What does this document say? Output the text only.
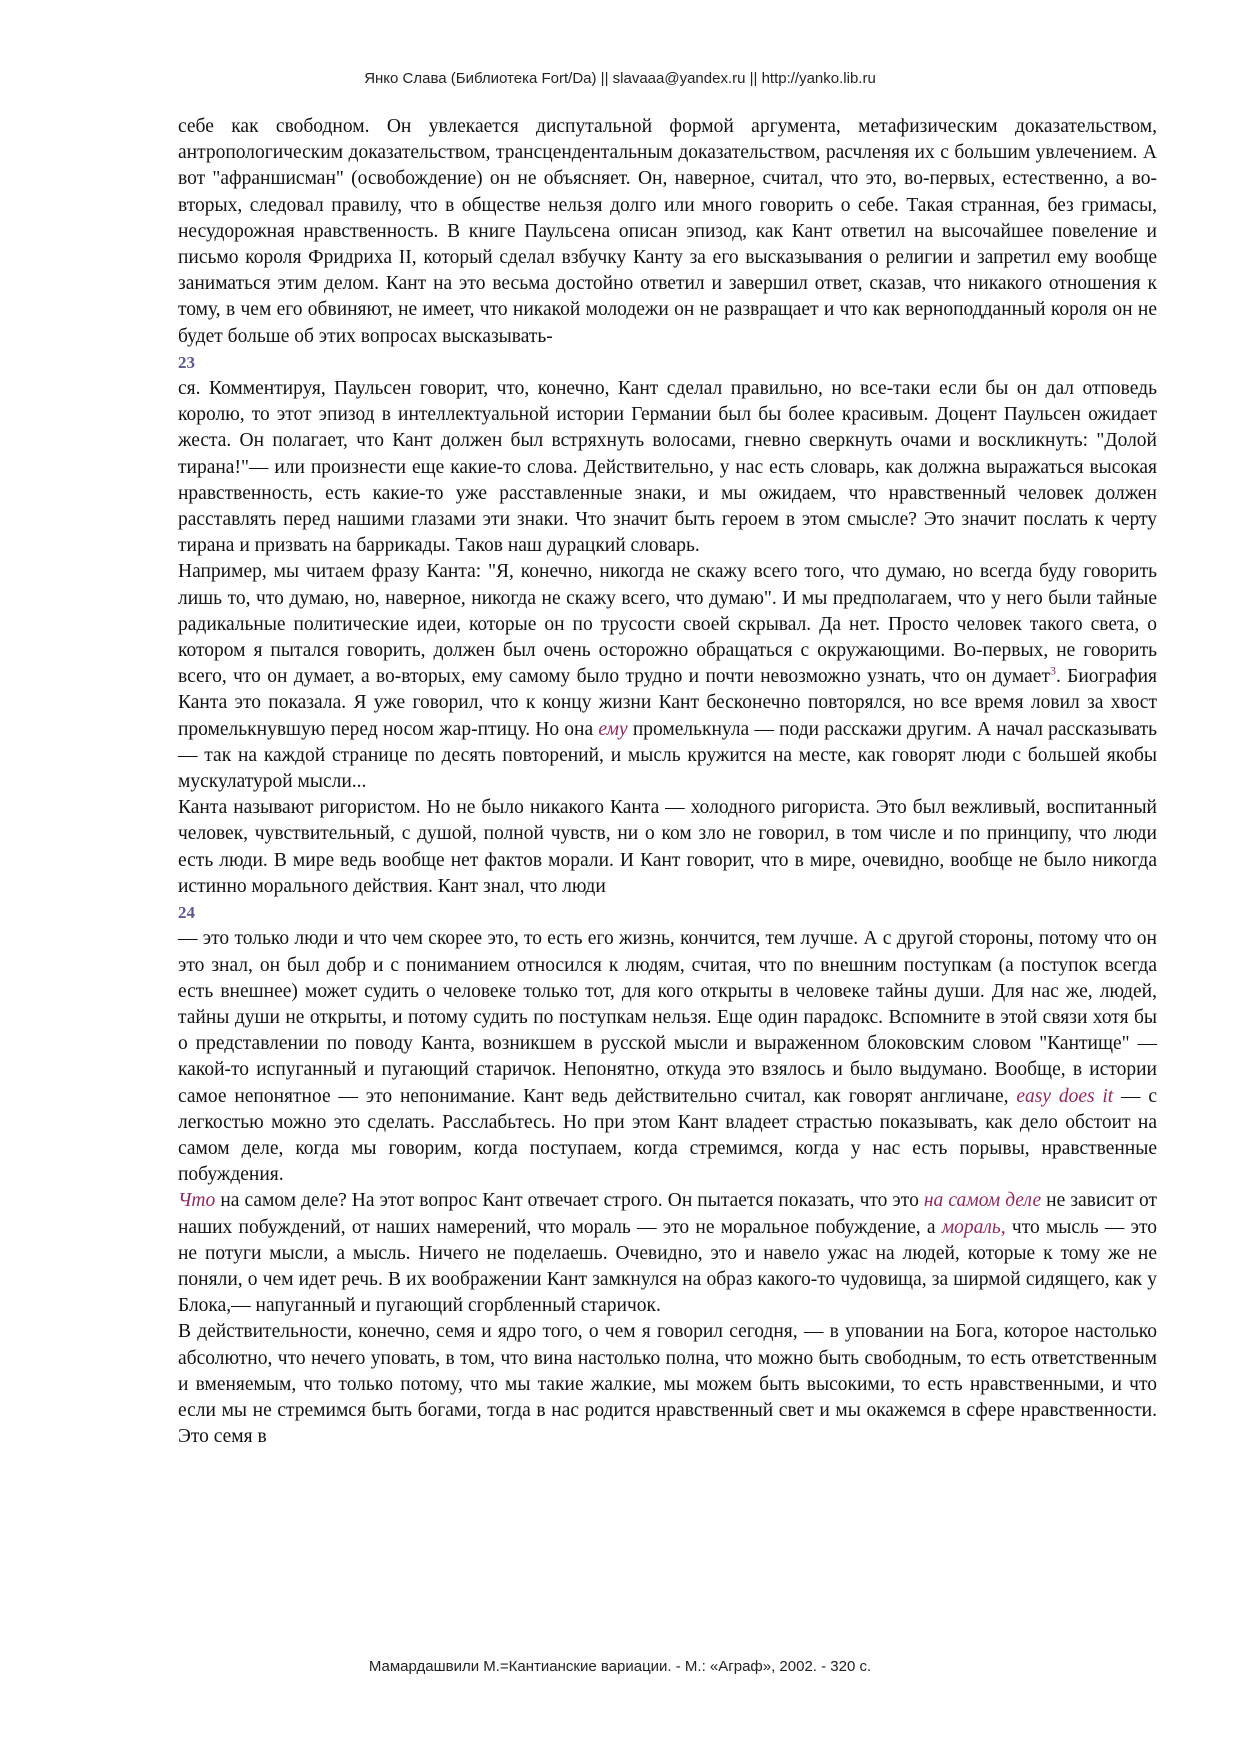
Янко Слава (Библиотека Fort/Da) || slavaaa@yandex.ru || http://yanko.lib.ru

себе как свободном. Он увлекается диспутальной формой аргумента, метафизическим доказательством, антропологическим доказательством, трансцендентальным доказательством, расчленяя их с большим увлечением. А вот "афраншисман" (освобождение) он не объясняет. Он, наверное, считал, что это, во-первых, естественно, а во-вторых, следовал правилу, что в обществе нельзя долго или много говорить о себе. Такая странная, без гримасы, несудорожная нравственность. В книге Паульсена описан эпизод, как Кант ответил на высочайшее повеление и письмо короля Фридриха II, который сделал взбучку Канту за его высказывания о религии и запретил ему вообще заниматься этим делом. Кант на это весьма достойно ответил и завершил ответ, сказав, что никакого отношения к тому, в чем его обвиняют, не имеет, что никакой молодежи он не развращает и что как верноподданный короля он не будет больше об этих вопросах высказывать-

23

ся. Комментируя, Паульсен говорит, что, конечно, Кант сделал правильно, но все-таки если бы он дал отповедь королю, то этот эпизод в интеллектуальной истории Германии был бы более красивым. Доцент Паульсен ожидает жеста. Он полагает, что Кант должен был встряхнуть волосами, гневно сверкнуть очами и воскликнуть: "Долой тирана!"— или произнести еще какие-то слова. Действительно, у нас есть словарь, как должна выражаться высокая нравственность, есть какие-то уже расставленные знаки, и мы ожидаем, что нравственный человек должен расставлять перед нашими глазами эти знаки. Что значит быть героем в этом смысле? Это значит послать к черту тирана и призвать на баррикады. Таков наш дурацкий словарь.

Например, мы читаем фразу Канта: "Я, конечно, никогда не скажу всего того, что думаю, но всегда буду говорить лишь то, что думаю, но, наверное, никогда не скажу всего, что думаю". И мы предполагаем, что у него были тайные радикальные политические идеи, которые он по трусости своей скрывал. Да нет. Просто человек такого света, о котором я пытался говорить, должен был очень осторожно обращаться с окружающими. Во-первых, не говорить всего, что он думает, а во-вторых, ему самому было трудно и почти невозможно узнать, что он думает$^3$. Биография Канта это показала. Я уже говорил, что к концу жизни Кант бесконечно повторялся, но все время ловил за хвост промелькнувшую перед носом жар-птицу. Но она ему промелькнула — поди расскажи другим. А начал рассказывать — так на каждой странице по десять повторений, и мысль кружится на месте, как говорят люди с большей якобы мускулатурой мысли...

Канта называют ригористом. Но не было никакого Канта — холодного ригориста. Это был вежливый, воспитанный человек, чувствительный, с душой, полной чувств, ни о ком зло не говорил, в том числе и по принципу, что люди есть люди. В мире ведь вообще нет фактов морали. И Кант говорит, что в мире, очевидно, вообще не было никогда истинно морального действия. Кант знал, что люди

24

— это только люди и что чем скорее это, то есть его жизнь, кончится, тем лучше. А с другой стороны, потому что он это знал, он был добр и с пониманием относился к людям, считая, что по внешним поступкам (а поступок всегда есть внешнее) может судить о человеке только тот, для кого открыты в человеке тайны души. Для нас же, людей, тайны души не открыты, и потому судить по поступкам нельзя. Еще один парадокс. Вспомните в этой связи хотя бы о представлении по поводу Канта, возникшем в русской мысли и выраженном блоковским словом "Кантище" — какой-то испуганный и пугающий старичок. Непонятно, откуда это взялось и было выдумано. Вообще, в истории самое непонятное — это непонимание. Кант ведь действительно считал, как говорят англичане, easy does it — с легкостью можно это сделать. Расслабьтесь. Но при этом Кант владеет страстью показывать, как дело обстоит на самом деле, когда мы говорим, когда поступаем, когда стремимся, когда у нас есть порывы, нравственные побуждения.

Что на самом деле? На этот вопрос Кант отвечает строго. Он пытается показать, что это на самом деле не зависит от наших побуждений, от наших намерений, что мораль — это не моральное побуждение, а мораль, что мысль — это не потуги мысли, а мысль. Ничего не поделаешь. Очевидно, это и навело ужас на людей, которые к тому же не поняли, о чем идет речь. В их воображении Кант замкнулся на образ какого-то чудовища, за ширмой сидящего, как у Блока,— напуганный и пугающий сгорбленный старичок.

В действительности, конечно, семя и ядро того, о чем я говорил сегодня, — в уповании на Бога, которое настолько абсолютно, что нечего уповать, в том, что вина настолько полна, что можно быть свободным, то есть ответственным и вменяемым, что только потому, что мы такие жалкие, мы можем быть высокими, то есть нравственными, и что если мы не стремимся быть богами, тогда в нас родится нравственный свет и мы окажемся в сфере нравственности. Это семя в

Мамардашвили М.=Кантианские вариации. - М.: «Аграф», 2002. - 320 с.
